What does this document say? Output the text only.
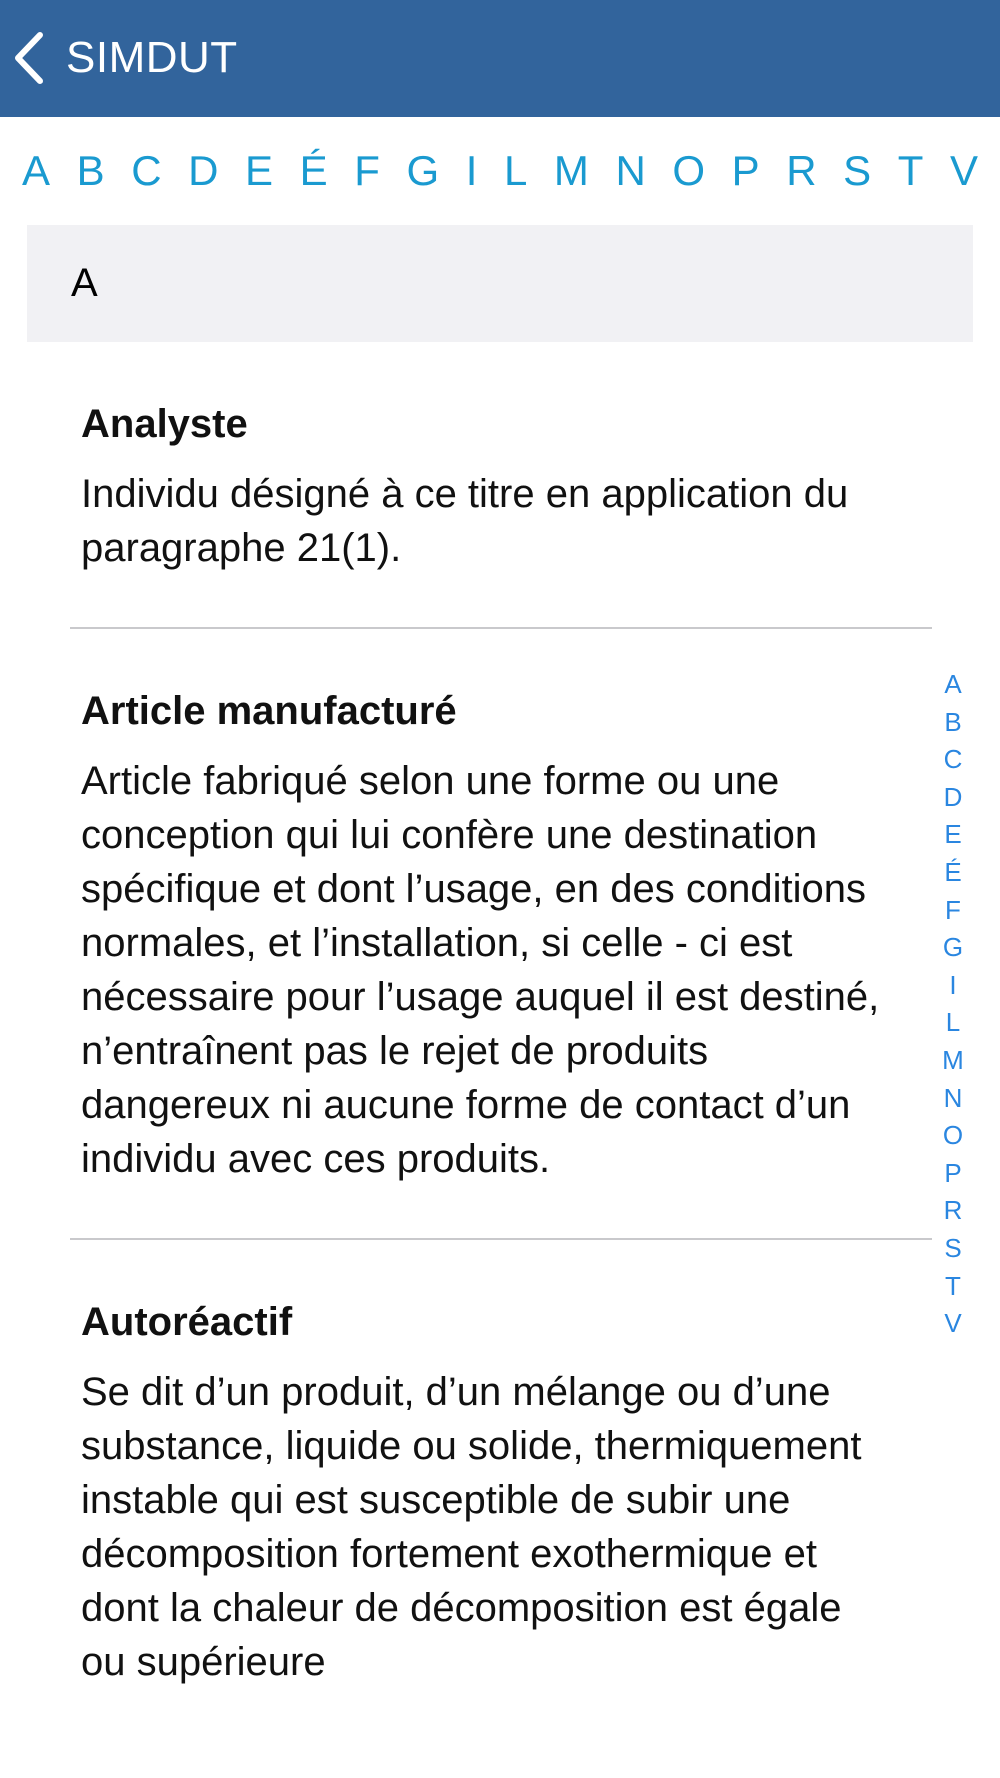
SIMDUT
A B C D E É F G I L M N O P R S T V
A
Analyste
Individu désigné à ce titre en application du paragraphe 21(1).
Article manufacturé
Article fabriqué selon une forme ou une conception qui lui confère une destination spécifique et dont l’usage, en des conditions normales, et l’installation, si celle - ci est nécessaire pour l’usage auquel il est destiné, n’entraînent pas le rejet de produits dangereux ni aucune forme de contact d’un individu avec ces produits.
Autoréactif
Se dit d’un produit, d’un mélange ou d’une substance, liquide ou solide, thermiquement instable qui est susceptible de subir une décomposition fortement exothermique et dont la chaleur de décomposition est égale ou supérieure
A
B
C
D
E
É
F
G
I
L
M
N
O
P
R
S
T
V
